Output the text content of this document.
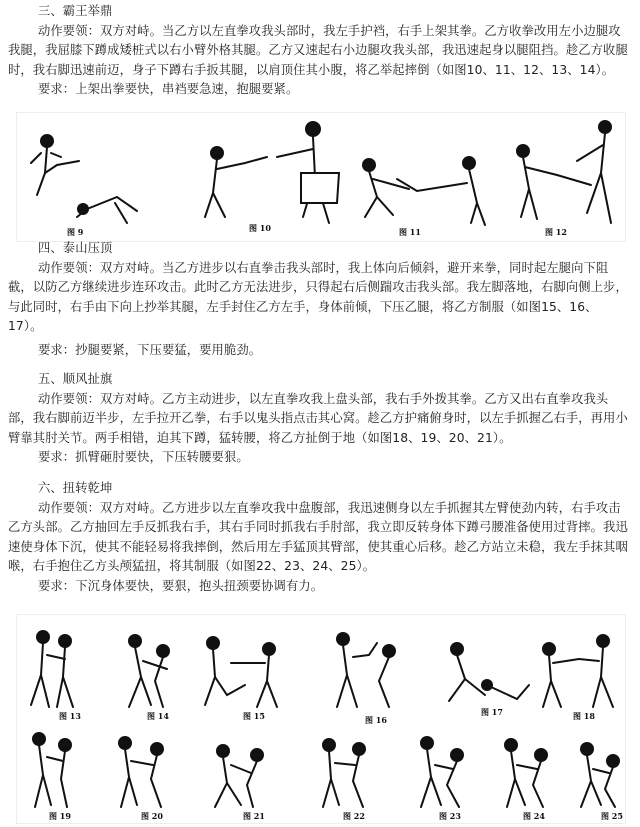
三、霸王举鼎

动作要领：双方对峙。当乙方以左直拳攻我头部时，我左手护裆，右手上架其拳。乙方收拳改用左小边腿攻我腿，我屈膝下蹲成矮桩式以右小臂外格其腿。乙方又速起右小边腿攻我头部，我迅速起身以腿阻挡。趁乙方收腿时，我右脚迅速前迈，身子下蹲右手扳其腿，以肩顶住其小腹，将乙举起摔倒（如图10、11、12、13、14）。

要求：上架出拳要快，串裆要急速，抱腿要紧。

图 9	图 10	图 11	图 12

四、泰山压顶

动作要领：双方对峙。当乙方进步以右直拳击我头部时，我上体向后倾斜，避开来拳，同时起左腿向下阻截，以防乙方继续进步连环攻击。此时乙方无法进步，只得起右后侧踹攻击我头部。我左脚落地，右脚向侧上步，与此同时，右手由下向上抄举其腿，左手封住乙方左手，身体前倾，下压乙腿，将乙方制服（如图15、16、17）。

要求：抄腿要紧，下压要猛，要用脆劲。

五、顺风扯旗

动作要领：双方对峙。乙方主动进步，以左直拳攻我上盘头部，我右手外拨其拳。乙方又出右直拳攻我头部，我右脚前迈半步，左手拉开乙拳，右手以鬼头指点击其心窝。趁乙方护痛俯身时，以左手抓握乙右手，再用小臂靠其肘关节。两手相错，迫其下蹲，猛转腰，将乙方扯倒于地（如图18、19、20、21）。

要求：抓臂砸肘要快，下压转腰要狠。

六、扭转乾坤

动作要领：双方对峙。乙方进步以左直拳攻我中盘腹部，我迅速侧身以左手抓握其左臂使劲内转，右手攻击乙方头部。乙方抽回左手反抓我右手，其右手同时抓我右手肘部，我立即反转身体下蹲弓腰准备使用过背摔。我迅速使身体下沉，使其不能轻易将我摔倒，然后用左手猛顶其臂部，使其重心后移。趁乙方站立未稳，我左手抹其咽喉，右手抱住乙方头颅猛扭，将其制服（如图22、23、24、25）。

要求：下沉身体要快，要狠，抱头扭颈要协调有力。

图 13	图 14	图 15	图 16
图 17	图 18
图 19	图 20	图 21	图 22	图 23	图 24	图 25
